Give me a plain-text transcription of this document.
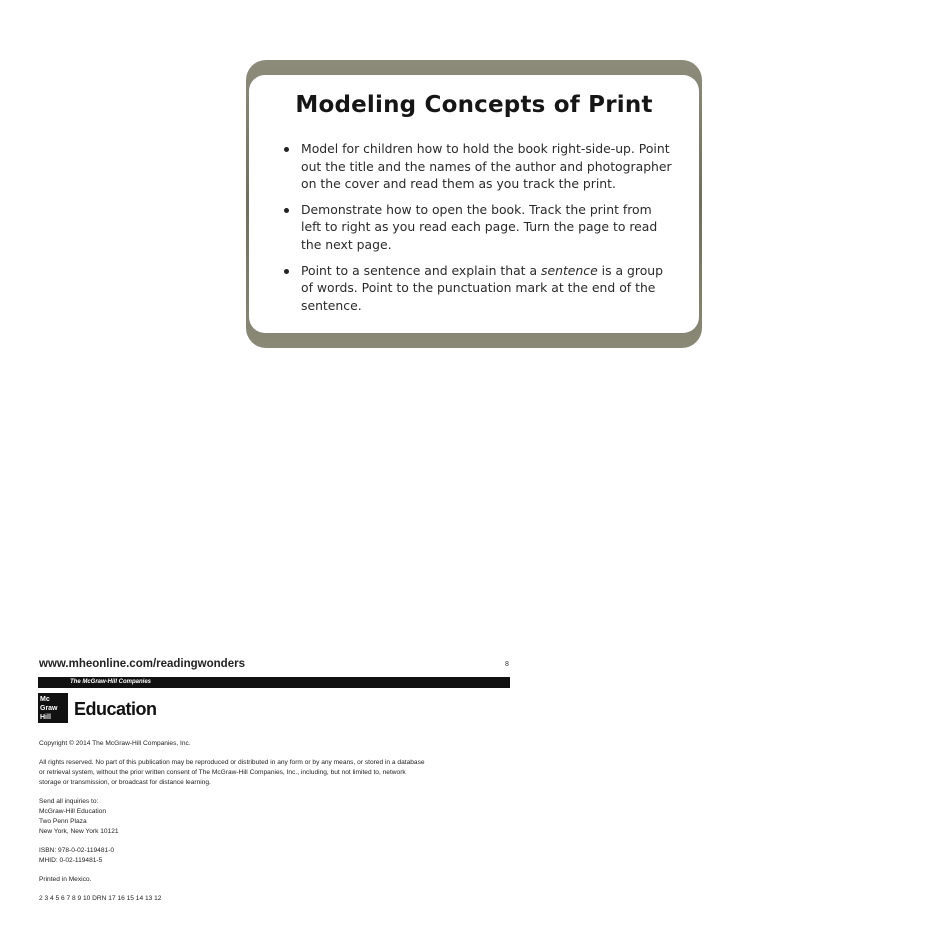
Modeling Concepts of Print
Model for children how to hold the book right-side-up. Point out the title and the names of the author and photographer on the cover and read them as you track the print.
Demonstrate how to open the book. Track the print from left to right as you read each page. Turn the page to read the next page.
Point to a sentence and explain that a sentence is a group of words. Point to the punctuation mark at the end of the sentence.
www.mheonline.com/readingwonders	8
The McGraw-Hill Companies
Mc
Graw
Hill Education
Copyright © 2014 The McGraw-Hill Companies, Inc.
All rights reserved. No part of this publication may be reproduced or distributed in any form or by any means, or stored in a database
or retrieval system, without the prior written consent of The McGraw-Hill Companies, Inc., including, but not limited to, network
storage or transmission, or broadcast for distance learning.
Send all inquiries to:
McGraw-Hill Education
Two Penn Plaza
New York, New York 10121
ISBN: 978-0-02-119481-0
MHID: 0-02-119481-5
Printed in Mexico.
2 3 4 5 6 7 8 9 10 DRN 17 16 15 14 13 12
